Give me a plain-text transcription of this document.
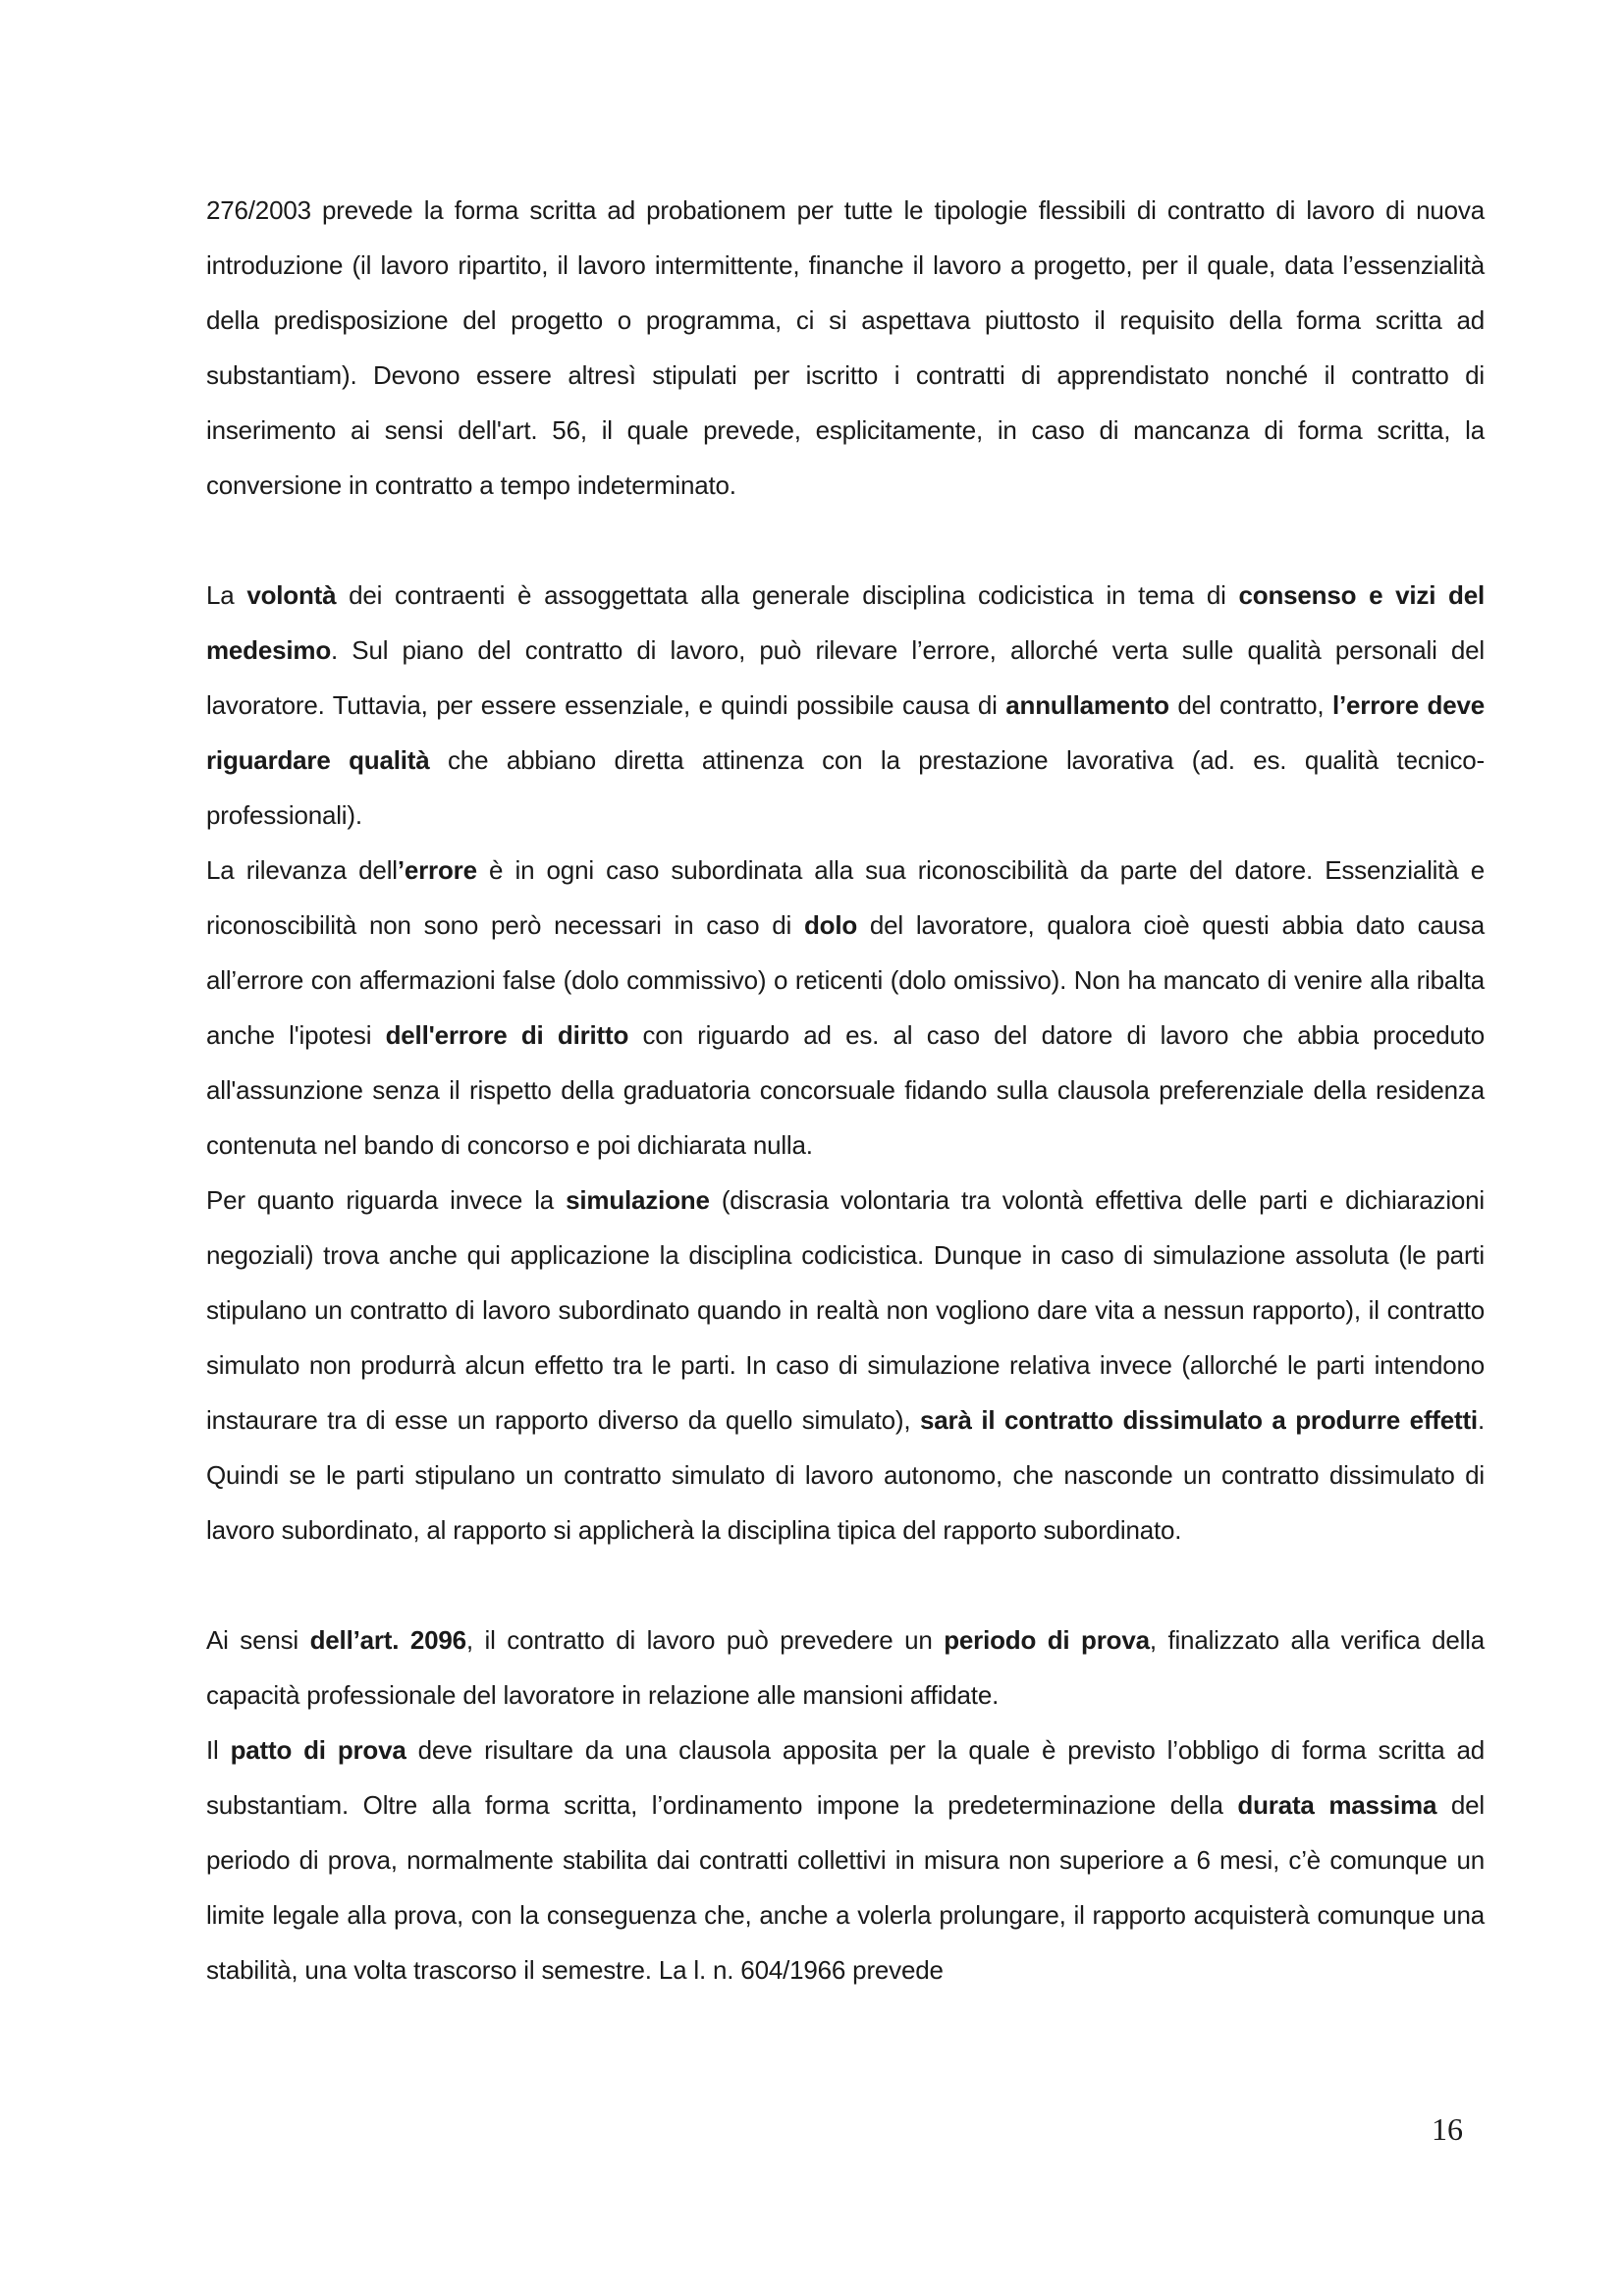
276/2003 prevede la forma scritta ad probationem per tutte le tipologie flessibili di contratto di lavoro di nuova introduzione (il lavoro ripartito, il lavoro intermittente, finanche il lavoro a progetto, per il quale, data l’essenzialità della predisposizione del progetto o programma, ci si aspettava piuttosto il requisito della forma scritta ad substantiam). Devono essere altresì stipulati per iscritto i contratti di apprendistato nonché il contratto di inserimento ai sensi dell'art. 56, il quale prevede, esplicitamente, in caso di mancanza di forma scritta, la conversione in contratto a tempo indeterminato.

La volontà dei contraenti è assoggettata alla generale disciplina codicistica in tema di consenso e vizi del medesimo. Sul piano del contratto di lavoro, può rilevare l’errore, allorché verta sulle qualità personali del lavoratore. Tuttavia, per essere essenziale, e quindi possibile causa di annullamento del contratto, l’errore deve riguardare qualità che abbiano diretta attinenza con la prestazione lavorativa (ad. es. qualità tecnico-professionali).

La rilevanza dell’errore è in ogni caso subordinata alla sua riconoscibilità da parte del datore. Essenzialità e riconoscibilità non sono però necessari in caso di dolo del lavoratore, qualora cioè questi abbia dato causa all’errore con affermazioni false (dolo commissivo) o reticenti (dolo omissivo). Non ha mancato di venire alla ribalta anche l'ipotesi dell'errore di diritto con riguardo ad es. al caso del datore di lavoro che abbia proceduto all'assunzione senza il rispetto della graduatoria concorsuale fidando sulla clausola preferenziale della residenza contenuta nel bando di concorso e poi dichiarata nulla.

Per quanto riguarda invece la simulazione (discrasia volontaria tra volontà effettiva delle parti e dichiarazioni negoziali) trova anche qui applicazione la disciplina codicistica. Dunque in caso di simulazione assoluta (le parti stipulano un contratto di lavoro subordinato quando in realtà non vogliono dare vita a nessun rapporto), il contratto simulato non produrrà alcun effetto tra le parti. In caso di simulazione relativa invece (allorché le parti intendono instaurare tra di esse un rapporto diverso da quello simulato), sarà il contratto dissimulato a produrre effetti. Quindi se le parti stipulano un contratto simulato di lavoro autonomo, che nasconde un contratto dissimulato di lavoro subordinato, al rapporto si applicherà la disciplina tipica del rapporto subordinato.

Ai sensi dell’art. 2096, il contratto di lavoro può prevedere un periodo di prova, finalizzato alla verifica della capacità professionale del lavoratore in relazione alle mansioni affidate.

Il patto di prova deve risultare da una clausola apposita per la quale è previsto l’obbligo di forma scritta ad substantiam. Oltre alla forma scritta, l’ordinamento impone la predeterminazione della durata massima del periodo di prova, normalmente stabilita dai contratti collettivi in misura non superiore a 6 mesi, c’è comunque un limite legale alla prova, con la conseguenza che, anche a volerla prolungare, il rapporto acquisterà comunque una stabilità, una volta trascorso il semestre. La l. n. 604/1966 prevede

16
